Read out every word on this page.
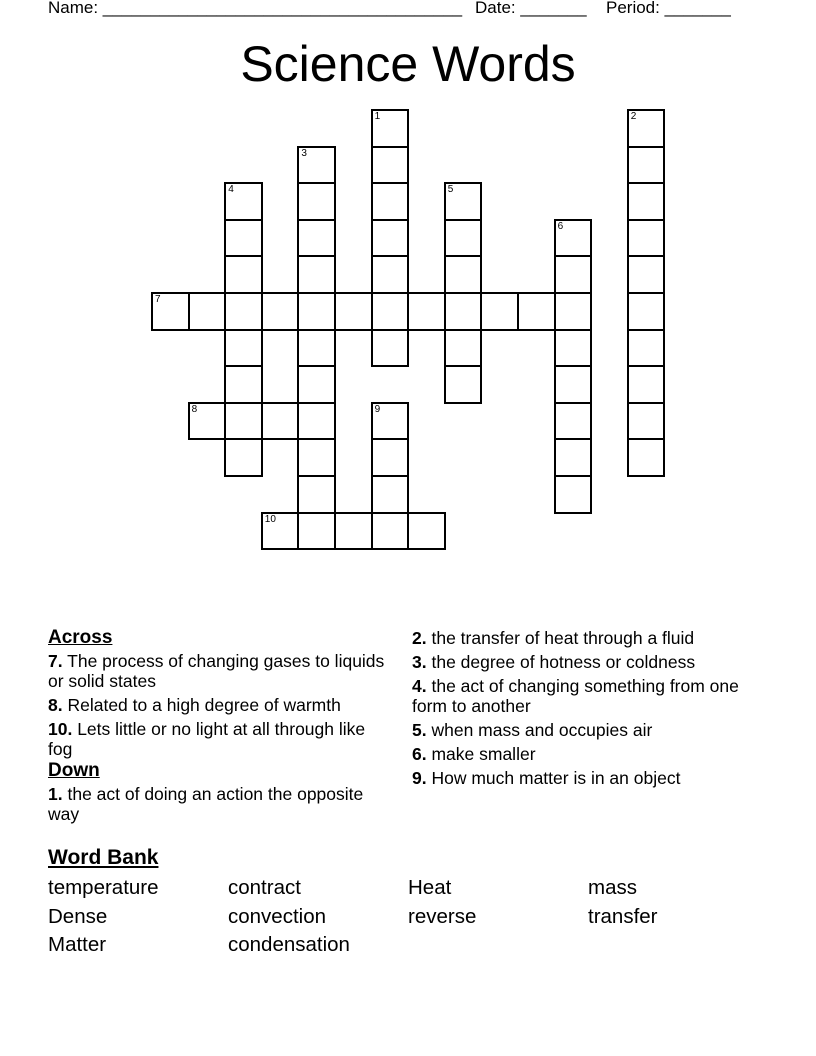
Name: ______________________________________ Date: _______ Period: _______
Science Words
1	2
3
4	5
6
7
8	9
10
Across
7. The process of changing gases to liquids or solid states
8. Related to a high degree of warmth
10. Lets little or no light at all through like fog
Down
1. the act of doing an action the opposite way
2. the transfer of heat through a fluid
3. the degree of hotness or coldness
4. the act of changing something from one form to another
5. when mass and occupies air
6. make smaller
9. How much matter is in an object
Word Bank
temperature	contract	Heat	mass
Dense	convection	reverse	transfer
Matter	condensation
